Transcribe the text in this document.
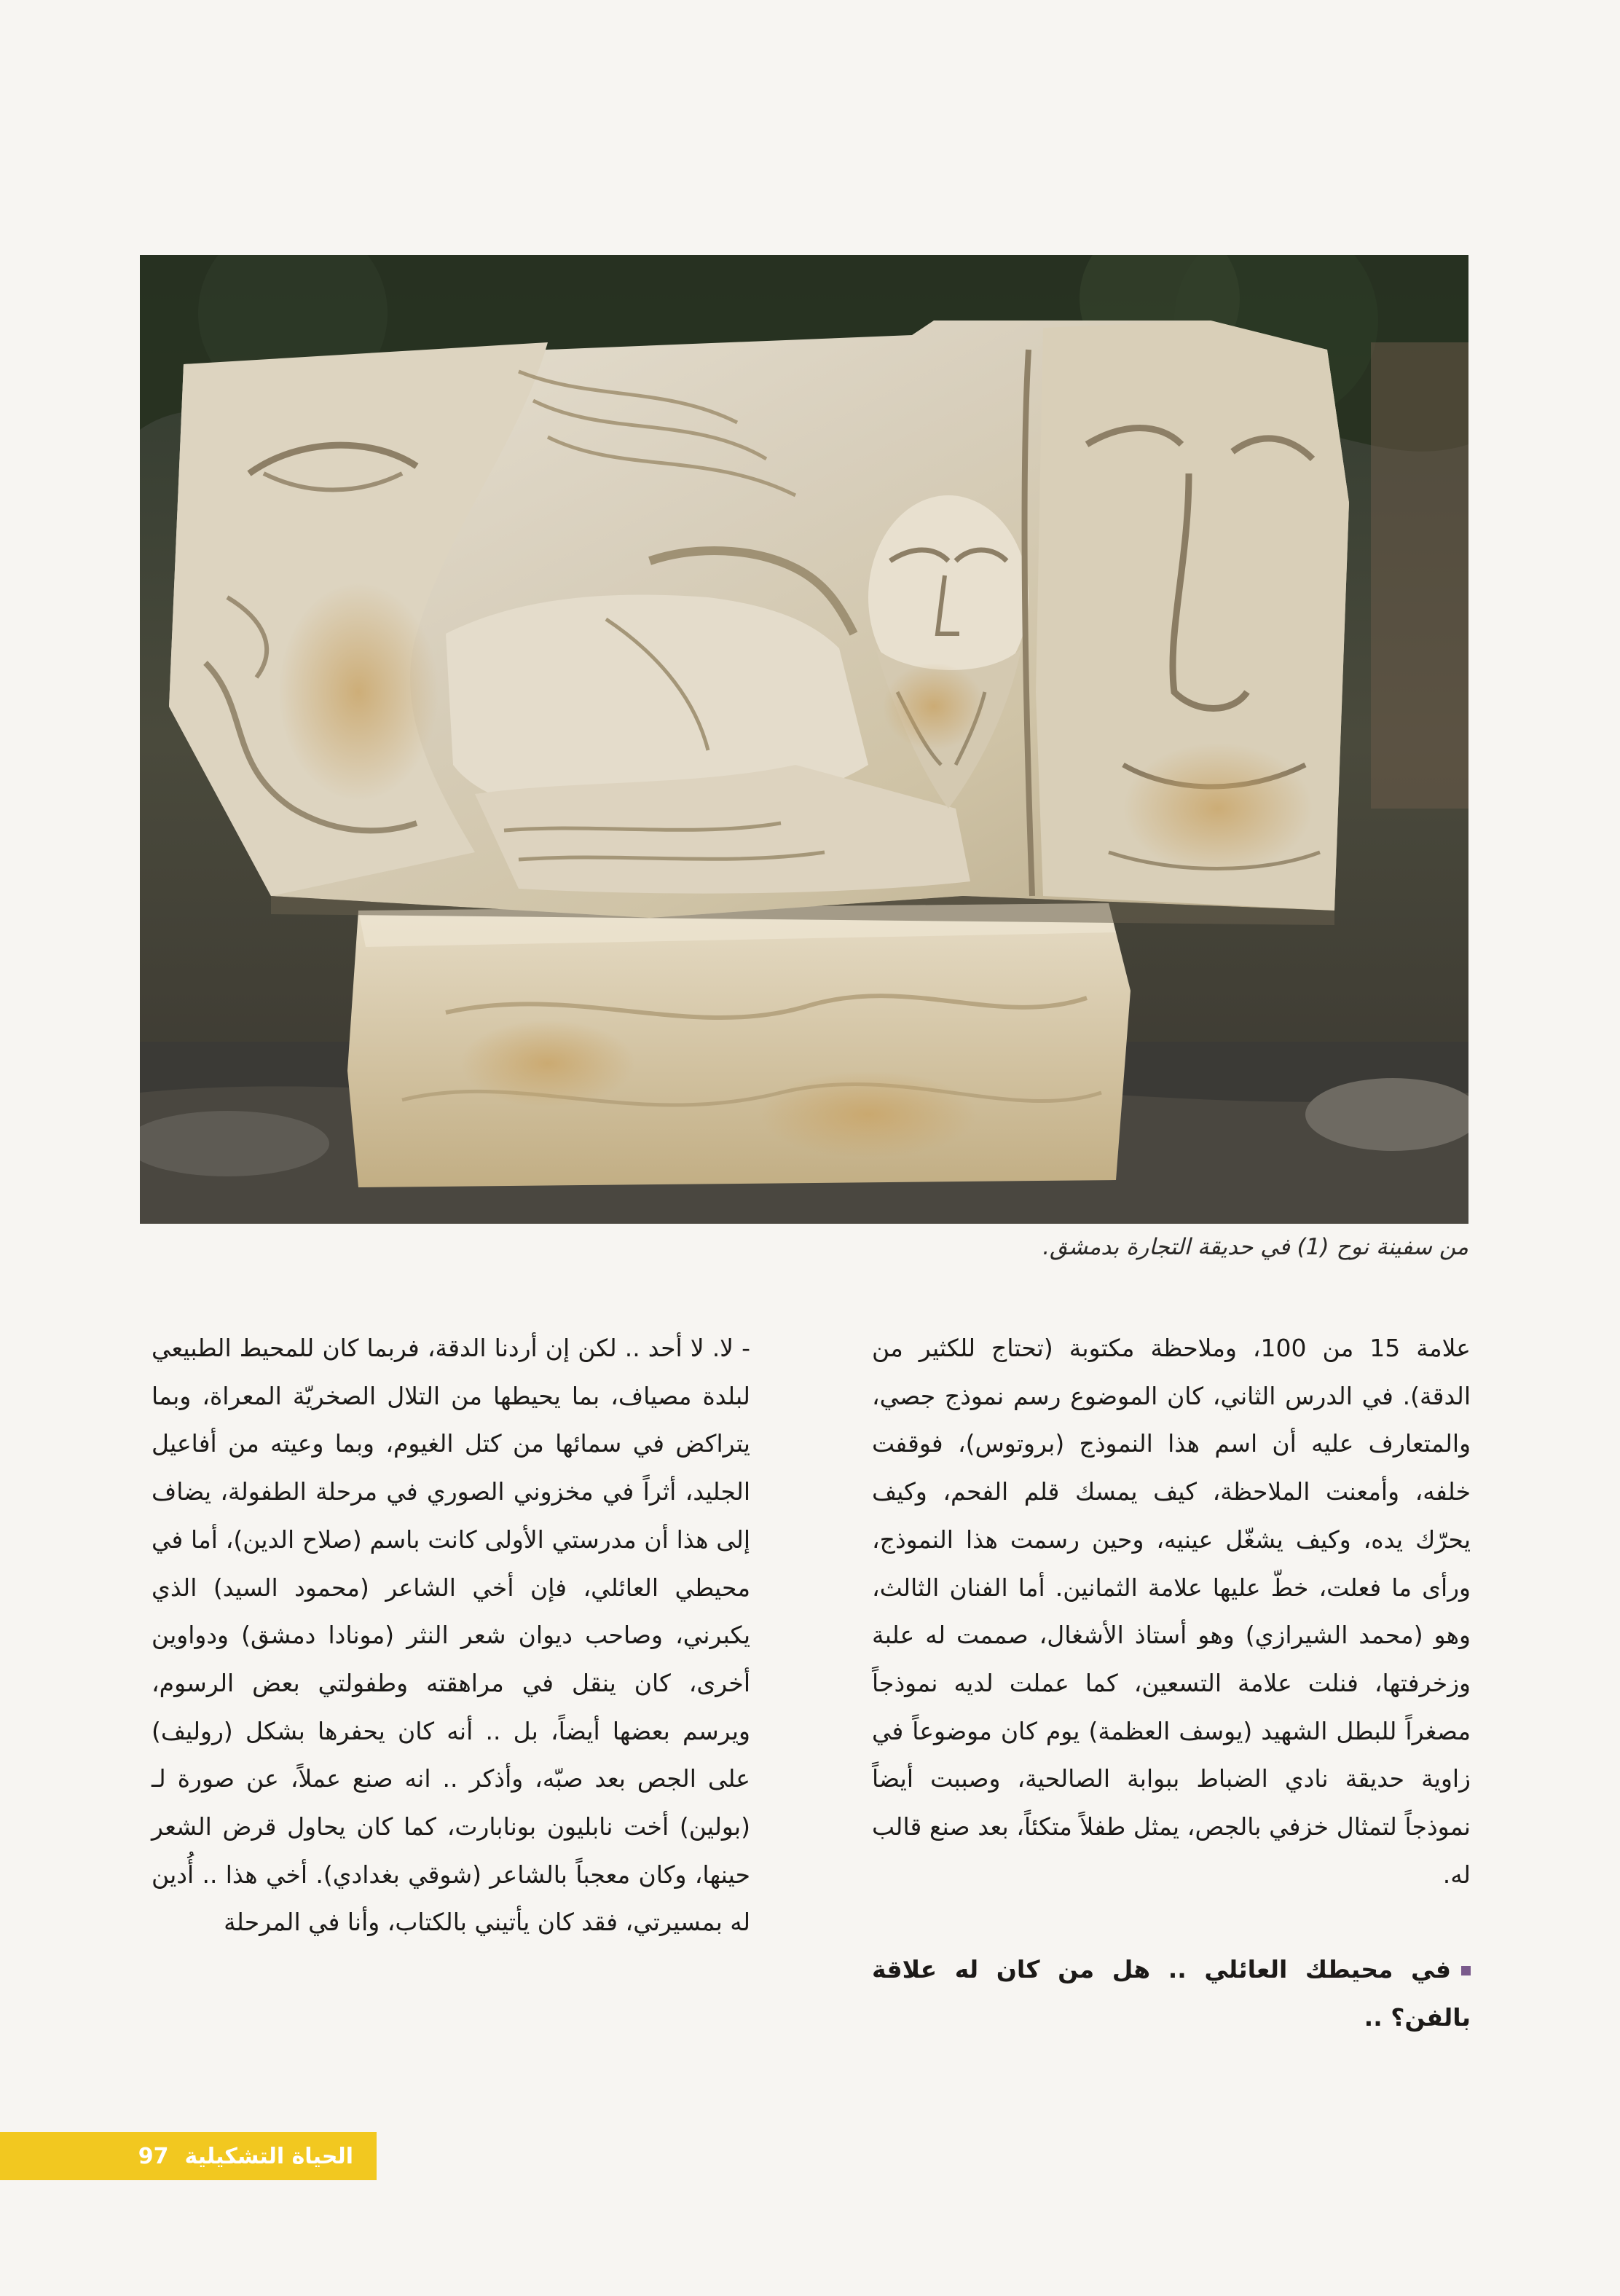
من سفينة نوح (1) في حديقة التجارة بدمشق.

علامة 15 من 100، وملاحظة مكتوبة (تحتاج للكثير من الدقة). في الدرس الثاني، كان الموضوع رسم نموذج جصي، والمتعارف عليه أن اسم هذا النموذج (بروتوس)، فوقفت خلفه، وأمعنت الملاحظة، كيف يمسك قلم الفحم، وكيف يحرّك يده، وكيف يشغّل عينيه، وحين رسمت هذا النموذج، ورأى ما فعلت، خطّ عليها علامة الثمانين. أما الفنان الثالث، وهو (محمد الشيرازي) وهو أستاذ الأشغال، صممت له علبة وزخرفتها، فنلت علامة التسعين، كما عملت لديه نموذجاً مصغراً للبطل الشهيد (يوسف العظمة) يوم كان موضوعاً في زاوية حديقة نادي الضباط ببوابة الصالحية، وصببت أيضاً نموذجاً لتمثال خزفي بالجص، يمثل طفلاً متكئاً، بعد صنع قالب له.

في محيطك العائلي .. هل من كان له علاقة بالفن؟ ..

- لا. لا أحد .. لكن إن أردنا الدقة، فربما كان للمحيط الطبيعي لبلدة مصياف، بما يحيطها من التلال الصخريّة المعراة، وبما يتراكض في سمائها من كتل الغيوم، وبما وعيته من أفاعيل الجليد، أثراً في مخزوني الصوري في مرحلة الطفولة، يضاف إلى هذا أن مدرستي الأولى كانت باسم (صلاح الدين)، أما في محيطي العائلي، فإن أخي الشاعر (محمود السيد) الذي يكبرني، وصاحب ديوان شعر النثر (مونادا دمشق) ودواوين أخرى، كان ينقل في مراهقته وطفولتي بعض الرسوم، ويرسم بعضها أيضاً، بل .. أنه كان يحفرها بشكل (روليف) على الجص بعد صبّه، وأذكر .. انه صنع عملاً، عن صورة لـ (بولين) أخت نابليون بونابارت، كما كان يحاول قرض الشعر حينها، وكان معجباً بالشاعر (شوقي بغدادي). أخي هذا .. أُدين له بمسيرتي، فقد كان يأتيني بالكتاب، وأنا في المرحلة

الحياة التشكيلية
97
